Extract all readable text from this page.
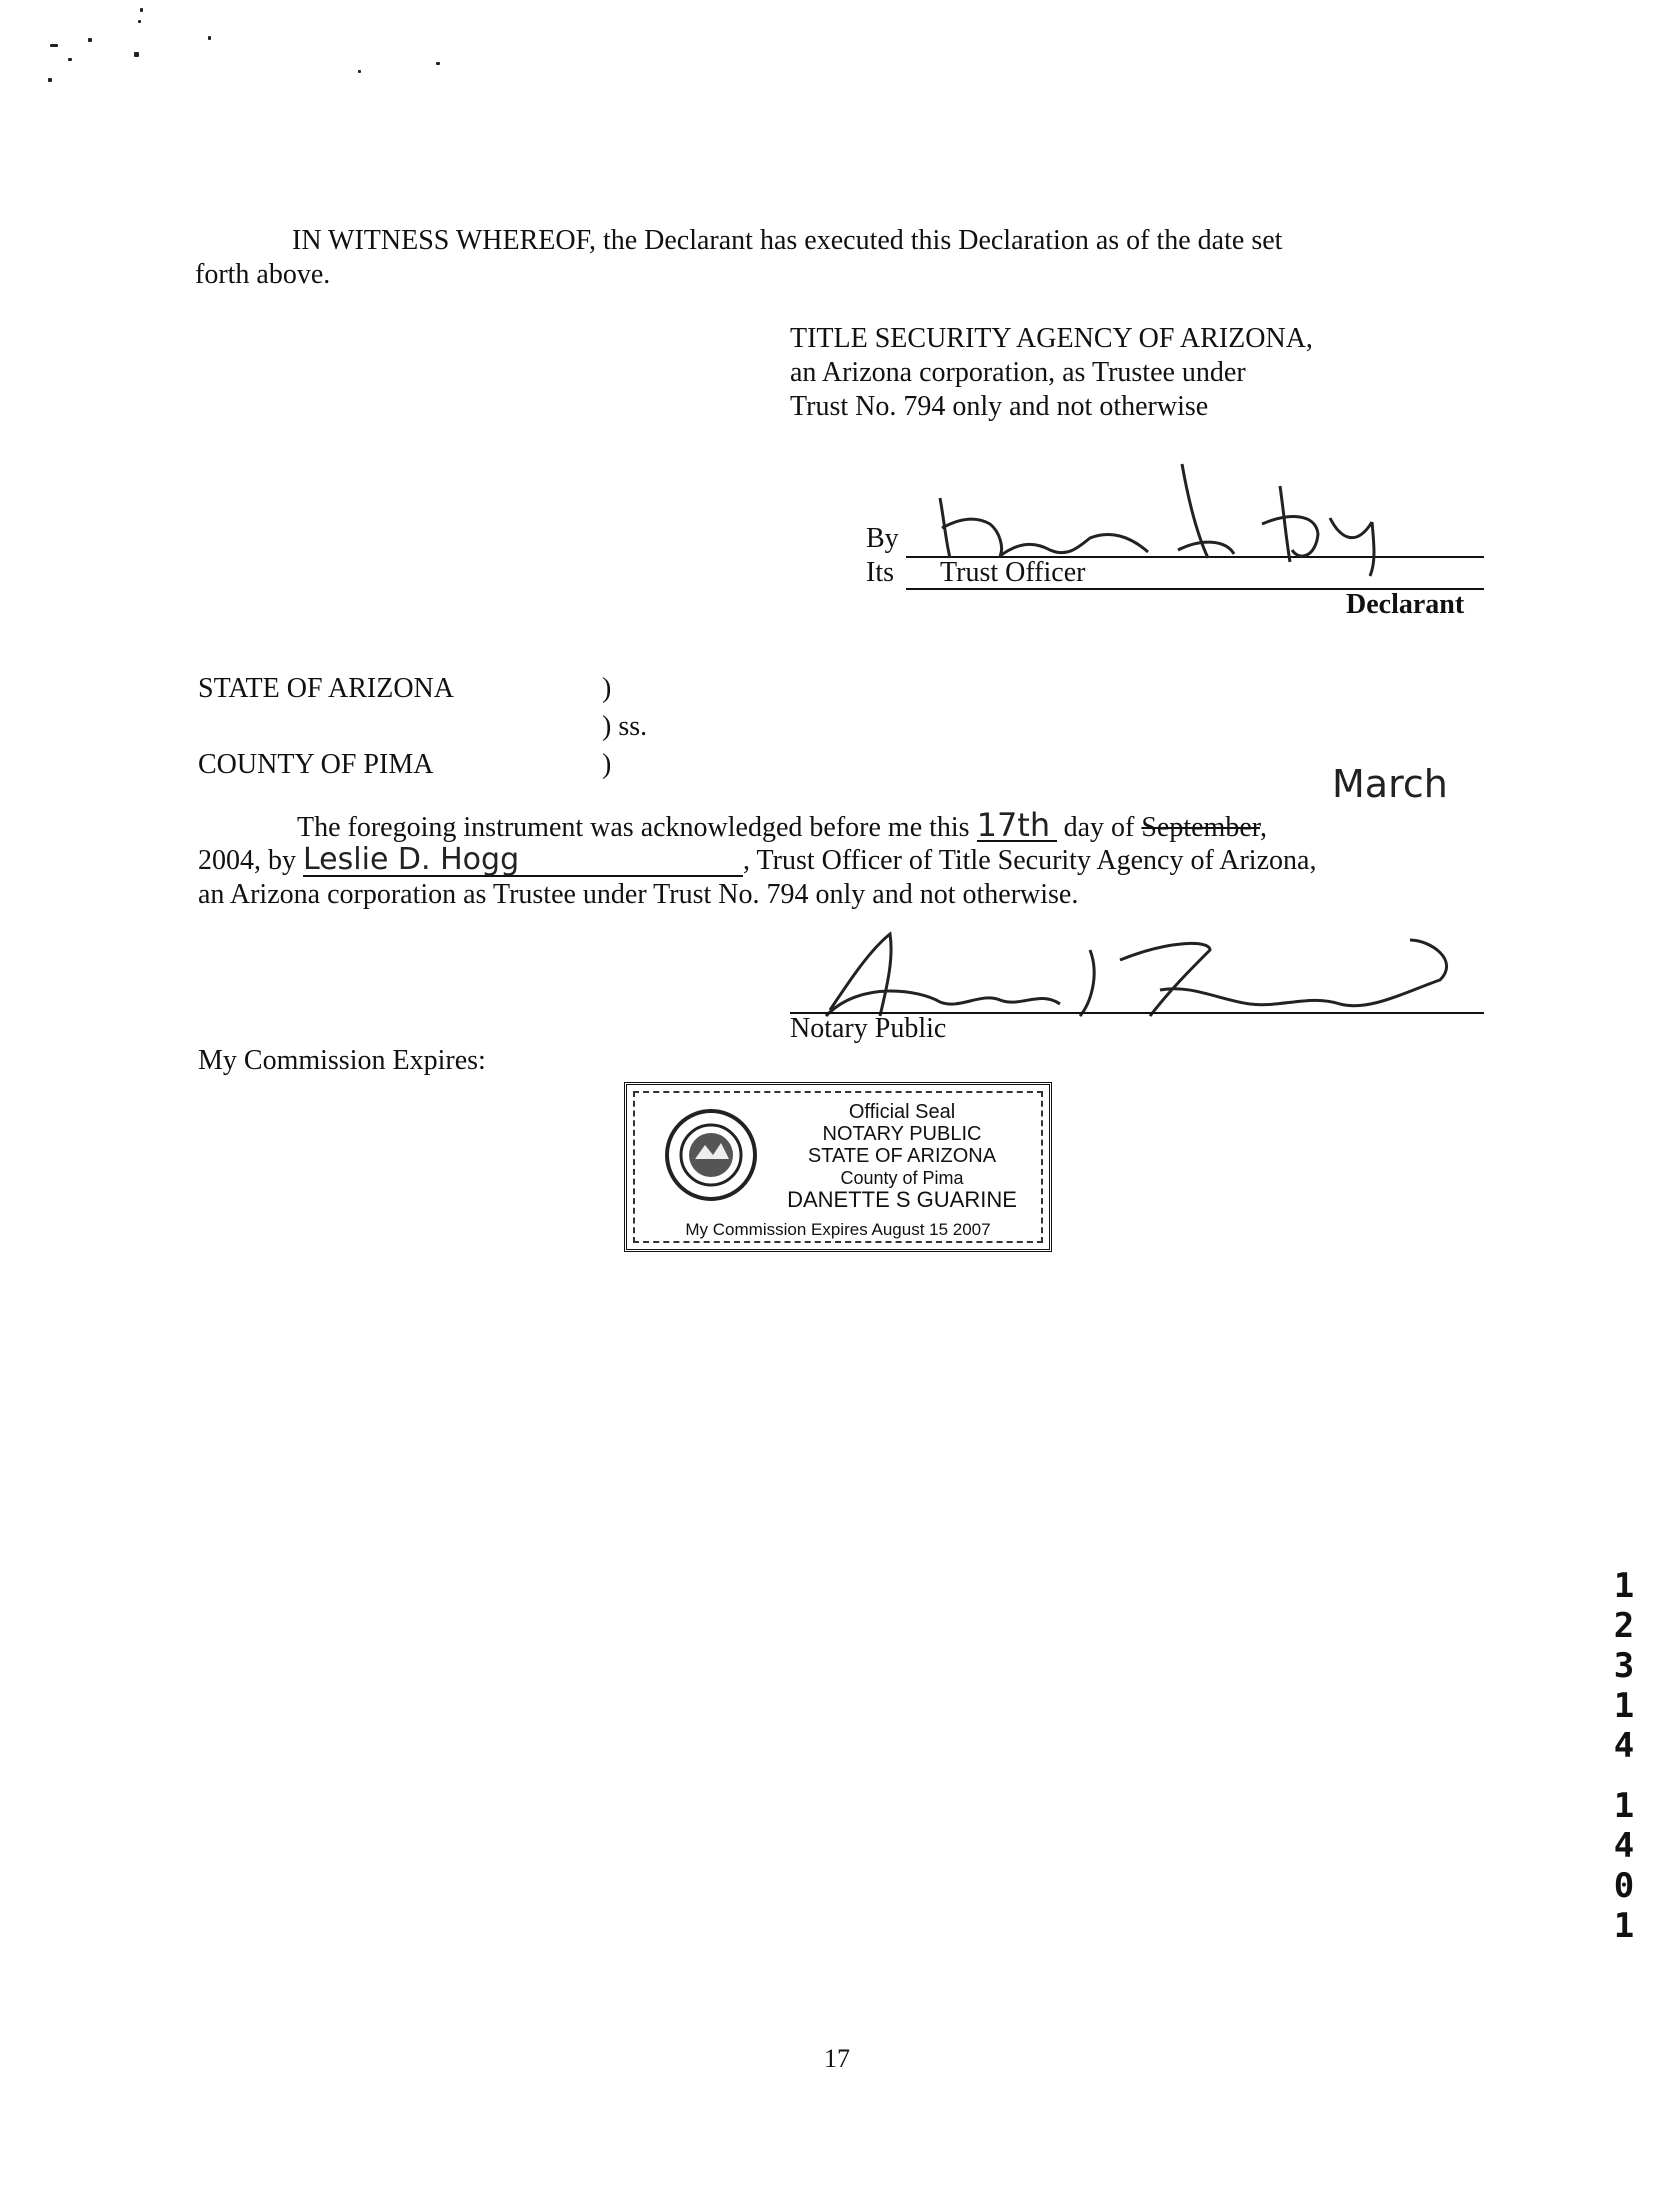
IN WITNESS WHEREOF, the Declarant has executed this Declaration as of the date set
forth above.
TITLE SECURITY AGENCY OF ARIZONA,
an Arizona corporation, as Trustee under
Trust No. 794 only and not otherwise
By
Its Trust Officer
Declarant
STATE OF ARIZONA	)
) ss.
COUNTY OF PIMA	)	March
The foregoing instrument was acknowledged before me this 17th day of September,
2004, by Leslie D. Hogg	, Trust Officer of Title Security Agency of Arizona,
an Arizona corporation as Trustee under Trust No. 794 only and not otherwise.
Notary Public
My Commission Expires:
Official Seal
NOTARY PUBLIC
STATE OF ARIZONA
County of Pima
DANETTE S GUARINE
My Commission Expires August 15 2007
1
2
3
1
4
1
4
0
1
17
